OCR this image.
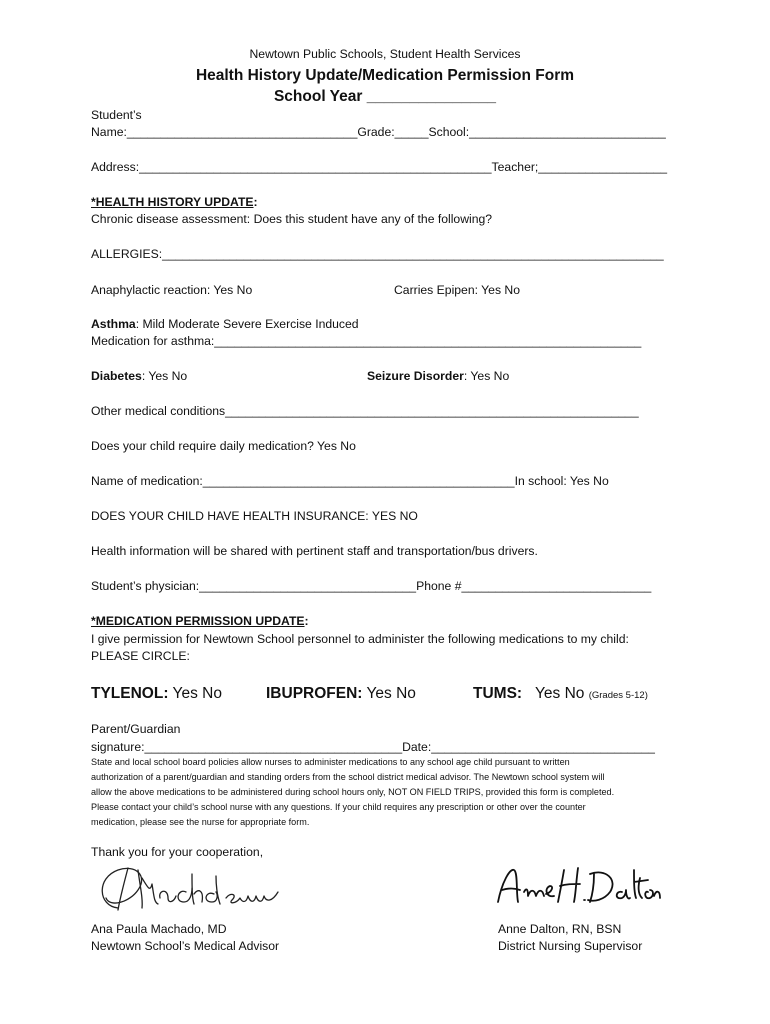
Newtown Public Schools, Student Health Services
Health History Update/Medication Permission Form
School Year _______________
Student’s
Name:__________________________________Grade:_____School:_____________________________
Address:____________________________________________________Teacher;___________________
*HEALTH HISTORY UPDATE:
Chronic disease assessment: Does this student have any of the following?
ALLERGIES:__________________________________________________________________________
Anaphylactic reaction: Yes No	Carries Epipen: Yes No
Asthma: Mild Moderate Severe Exercise Induced
Medication for asthma:_______________________________________________________________
Diabetes: Yes No	Seizure Disorder: Yes No
Other medical conditions_____________________________________________________________
Does your child require daily medication? Yes No
Name of medication:______________________________________________In school: Yes No
DOES YOUR CHILD HAVE HEALTH INSURANCE: YES NO
Health information will be shared with pertinent staff and transportation/bus drivers.
Student’s physician:________________________________Phone #____________________________
*MEDICATION PERMISSION UPDATE:
I give permission for Newtown School personnel to administer the following medications to my child:
PLEASE CIRCLE:
TYLENOL: Yes No	IBUPROFEN: Yes No	TUMS: Yes No (Grades 5-12)
Parent/Guardian
signature:______________________________________Date:_________________________________
State and local school board policies allow nurses to administer medications to any school age child pursuant to written
authorization of a parent/guardian and standing orders from the school district medical advisor. The Newtown school system will
allow the above medications to be administered during school hours only, NOT ON FIELD TRIPS, provided this form is completed.
Please contact your child’s school nurse with any questions. If your child requires any prescription or other over the counter
medication, please see the nurse for appropriate form.
Thank you for your cooperation,
Ana Paula Machado, MD
Newtown School’s Medical Advisor
Anne Dalton, RN, BSN
District Nursing Supervisor
